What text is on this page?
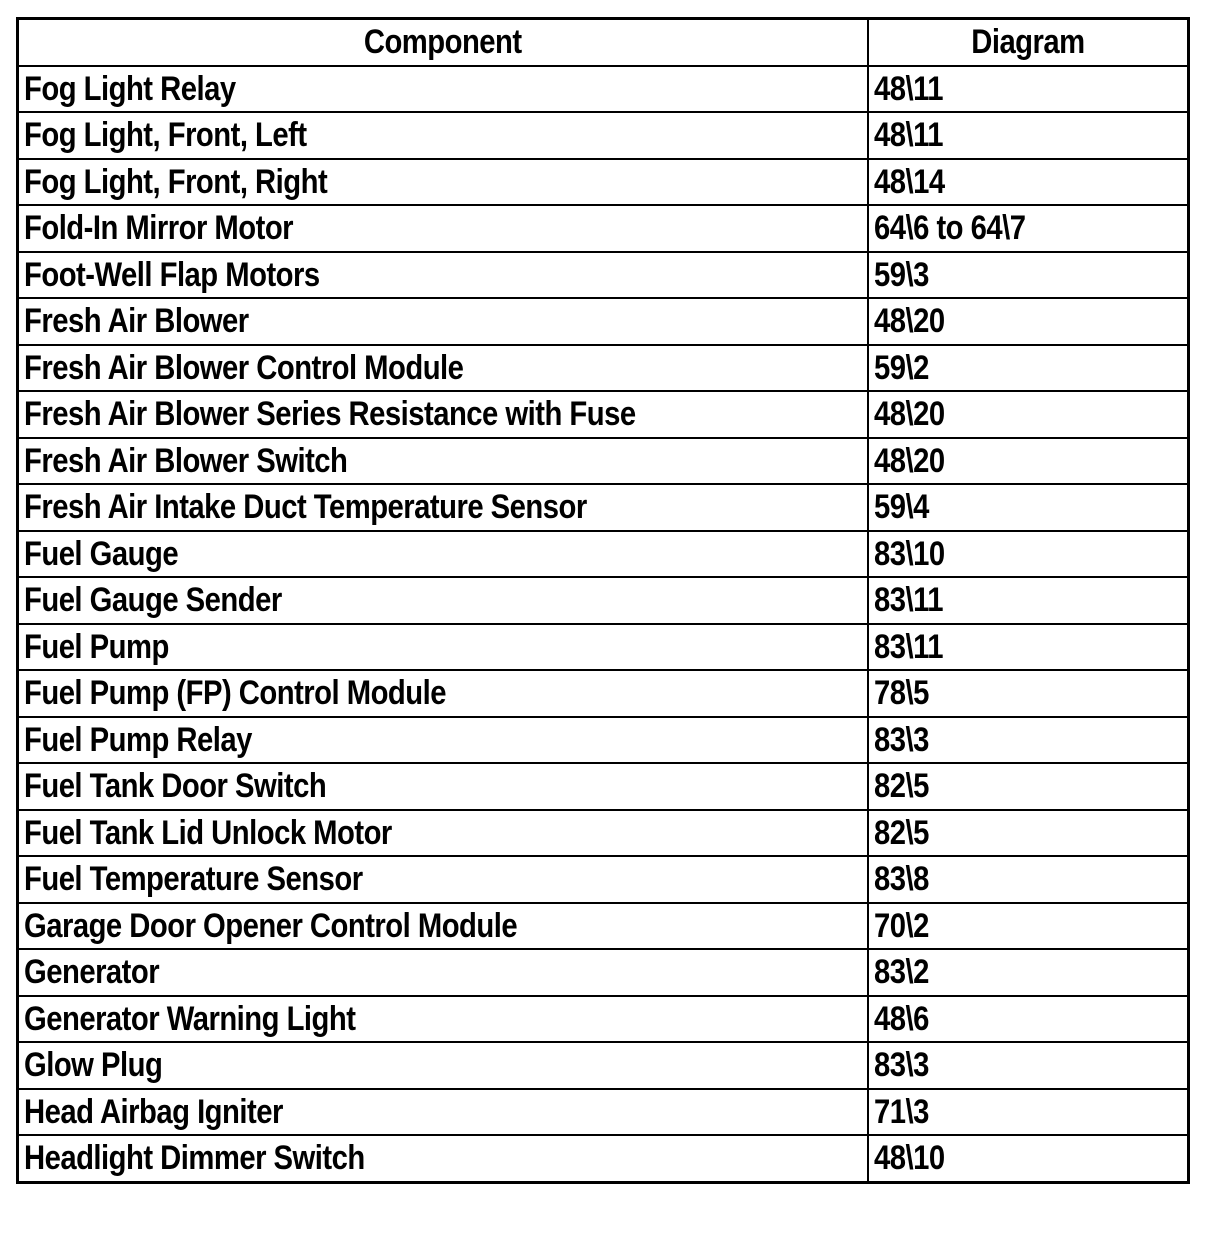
Component	Diagram
Fog Light Relay	48\11
Fog Light, Front, Left	48\11
Fog Light, Front, Right	48\14
Fold-In Mirror Motor	64\6 to 64\7
Foot-Well Flap Motors	59\3
Fresh Air Blower	48\20
Fresh Air Blower Control Module	59\2
Fresh Air Blower Series Resistance with Fuse	48\20
Fresh Air Blower Switch	48\20
Fresh Air Intake Duct Temperature Sensor	59\4
Fuel Gauge	83\10
Fuel Gauge Sender	83\11
Fuel Pump	83\11
Fuel Pump (FP) Control Module	78\5
Fuel Pump Relay	83\3
Fuel Tank Door Switch	82\5
Fuel Tank Lid Unlock Motor	82\5
Fuel Temperature Sensor	83\8
Garage Door Opener Control Module	70\2
Generator	83\2
Generator Warning Light	48\6
Glow Plug	83\3
Head Airbag Igniter	71\3
Headlight Dimmer Switch	48\10
